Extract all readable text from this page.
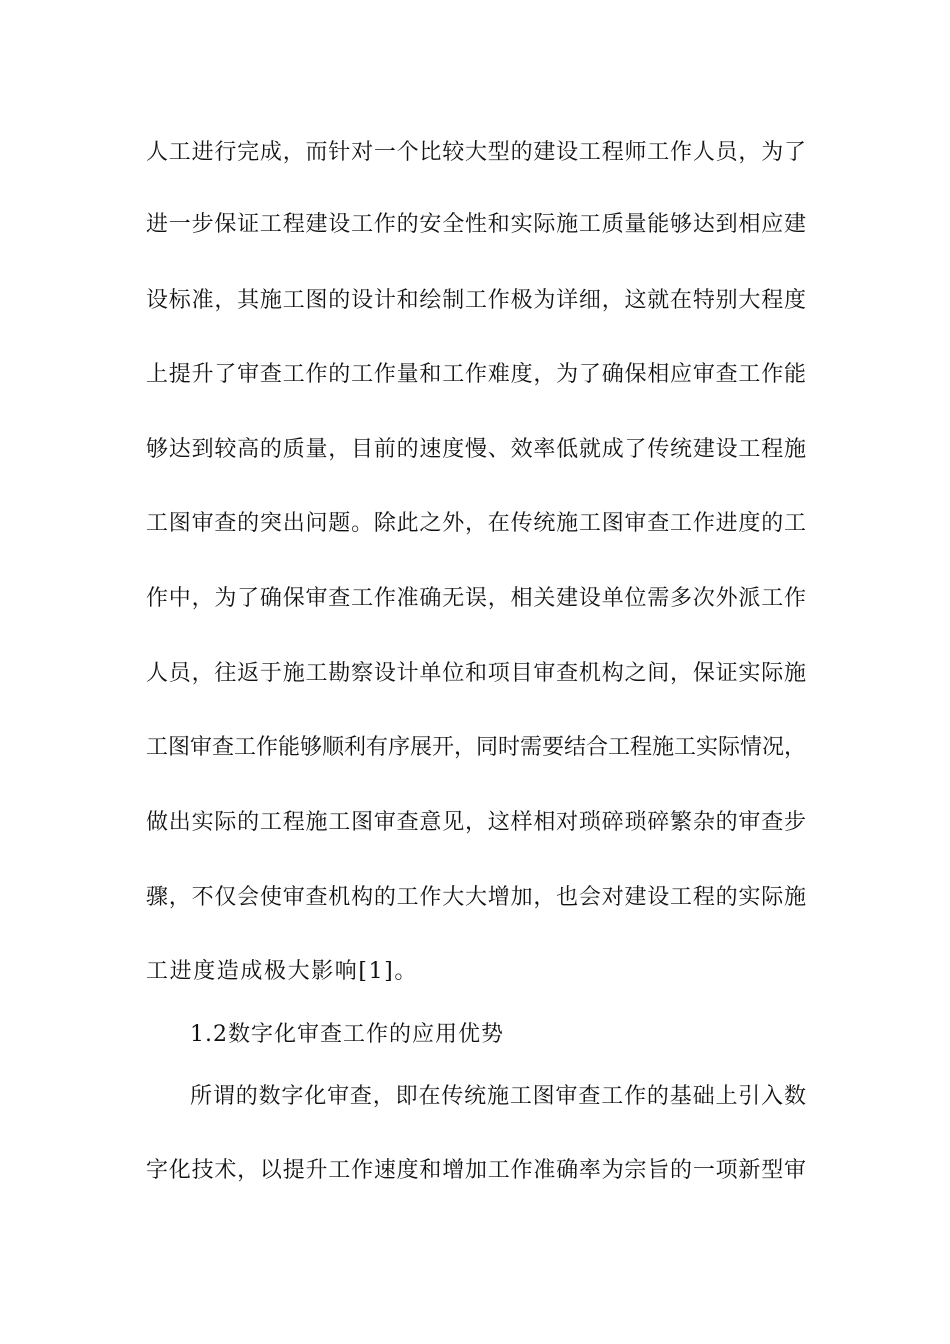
人工进行完成，而针对一个比较大型的建设工程师工作人员，为了
进一步保证工程建设工作的安全性和实际施工质量能够达到相应建
设标准，其施工图的设计和绘制工作极为详细，这就在特别大程度
上提升了审查工作的工作量和工作难度，为了确保相应审查工作能
够达到较高的质量，目前的速度慢、效率低就成了传统建设工程施
工图审查的突出问题。除此之外，在传统施工图审查工作进度的工
作中，为了确保审查工作准确无误，相关建设单位需多次外派工作
人员，往返于施工勘察设计单位和项目审查机构之间，保证实际施
工图审查工作能够顺利有序展开，同时需要结合工程施工实际情况，
做出实际的工程施工图审查意见，这样相对琐碎琐碎繁杂的审查步
骤，不仅会使审查机构的工作大大增加，也会对建设工程的实际施
工进度造成极大影响[1]。
1.2数字化审查工作的应用优势
所谓的数字化审查，即在传统施工图审查工作的基础上引入数
字化技术，以提升工作速度和增加工作准确率为宗旨的一项新型审
